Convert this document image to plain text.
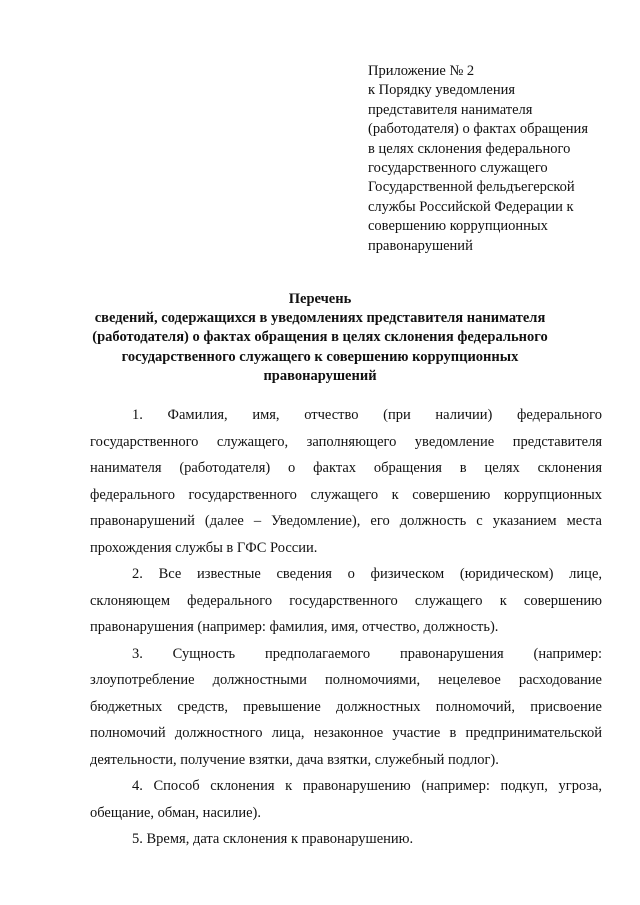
Приложение № 2
к Порядку уведомления
представителя нанимателя
(работодателя) о фактах обращения
в целях склонения федерального
государственного служащего
Государственной фельдъегерской
службы Российской Федерации к
совершению коррупционных
правонарушений
Перечень
сведений, содержащихся в уведомлениях представителя нанимателя
(работодателя) о фактах обращения в целях склонения федерального
государственного служащего к совершению коррупционных
правонарушений
1. Фамилия, имя, отчество (при наличии) федерального
государственного служащего, заполняющего уведомление представителя
нанимателя (работодателя) о фактах обращения в целях склонения
федерального государственного служащего к совершению коррупционных
правонарушений (далее – Уведомление), его должность с указанием места
прохождения службы в ГФС России.
2. Все известные сведения о физическом (юридическом) лице,
склоняющем федерального государственного служащего к совершению
правонарушения (например: фамилия, имя, отчество, должность).
3. Сущность предполагаемого правонарушения (например:
злоупотребление должностными полномочиями, нецелевое расходование
бюджетных средств, превышение должностных полномочий, присвоение
полномочий должностного лица, незаконное участие в предпринимательской
деятельности, получение взятки, дача взятки, служебный подлог).
4. Способ склонения к правонарушению (например: подкуп, угроза,
обещание, обман, насилие).
5. Время, дата склонения к правонарушению.
